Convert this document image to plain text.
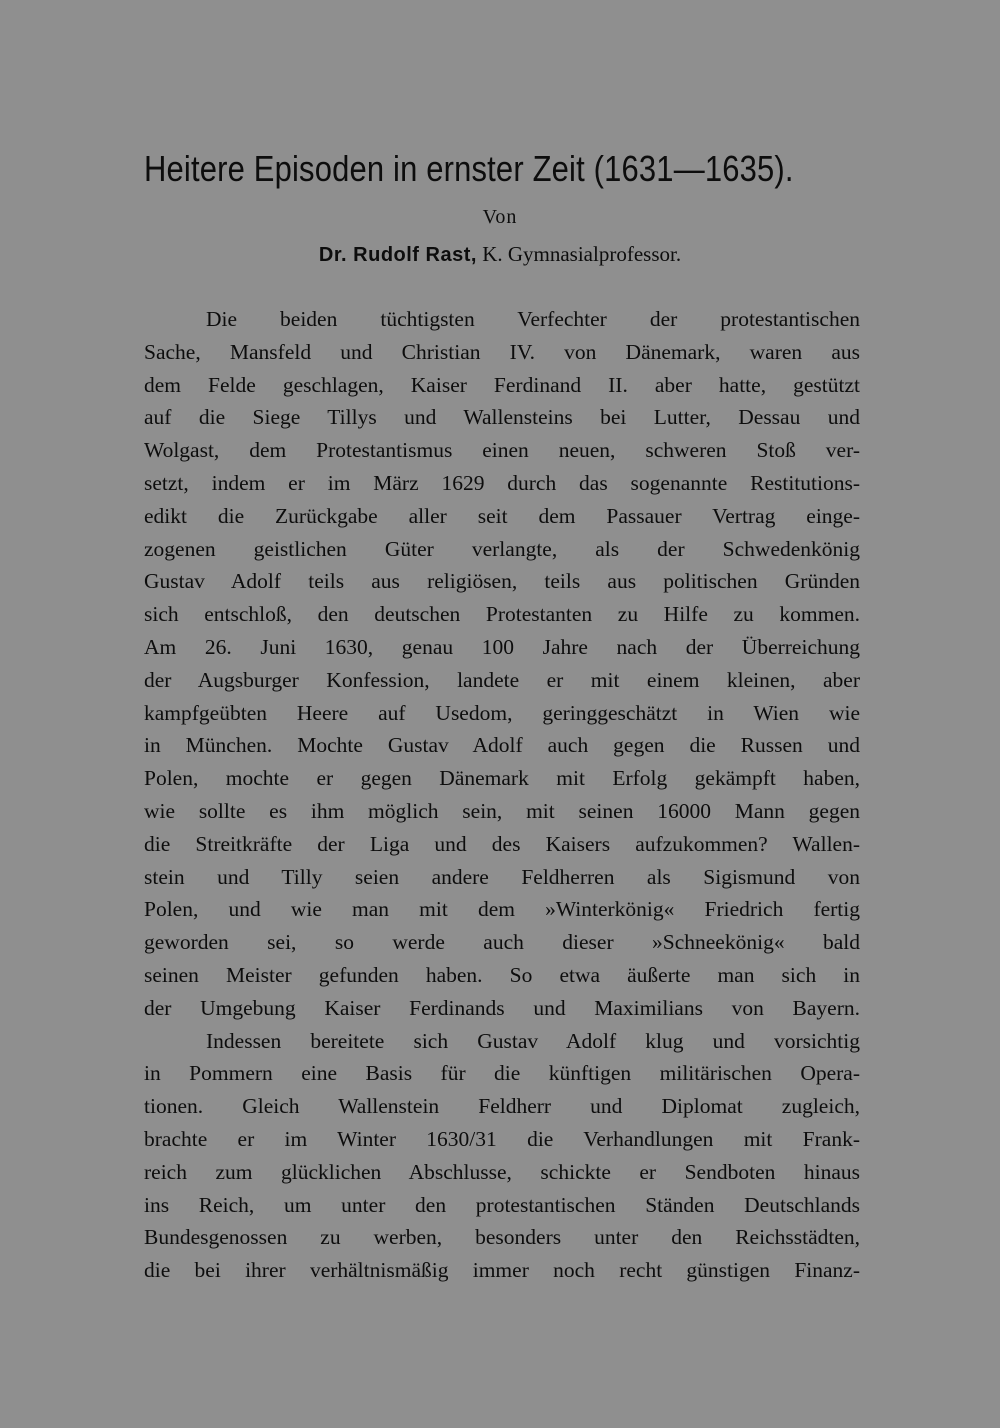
Heitere Episoden in ernster Zeit (1631—1635).
Von
Dr. Rudolf Rast, K. Gymnasialprofessor.
Die beiden tüchtigsten Verfechter der protestantischen
Sache, Mansfeld und Christian IV. von Dänemark, waren aus
dem Felde geschlagen, Kaiser Ferdinand II. aber hatte, gestützt
auf die Siege Tillys und Wallensteins bei Lutter, Dessau und
Wolgast, dem Protestantismus einen neuen, schweren Stoß ver-
setzt, indem er im März 1629 durch das sogenannte Restitutions-
edikt die Zurückgabe aller seit dem Passauer Vertrag einge-
zogenen geistlichen Güter verlangte, als der Schwedenkönig
Gustav Adolf teils aus religiösen, teils aus politischen Gründen
sich entschloß, den deutschen Protestanten zu Hilfe zu kommen.
Am 26. Juni 1630, genau 100 Jahre nach der Überreichung
der Augsburger Konfession, landete er mit einem kleinen, aber
kampfgeübten Heere auf Usedom, geringgeschätzt in Wien wie
in München. Mochte Gustav Adolf auch gegen die Russen und
Polen, mochte er gegen Dänemark mit Erfolg gekämpft haben,
wie sollte es ihm möglich sein, mit seinen 16000 Mann gegen
die Streitkräfte der Liga und des Kaisers aufzukommen? Wallen-
stein und Tilly seien andere Feldherren als Sigismund von
Polen, und wie man mit dem »Winterkönig« Friedrich fertig
geworden sei, so werde auch dieser »Schneekönig« bald
seinen Meister gefunden haben. So etwa äußerte man sich in
der Umgebung Kaiser Ferdinands und Maximilians von Bayern.
Indessen bereitete sich Gustav Adolf klug und vorsichtig
in Pommern eine Basis für die künftigen militärischen Opera-
tionen. Gleich Wallenstein Feldherr und Diplomat zugleich,
brachte er im Winter 1630/31 die Verhandlungen mit Frank-
reich zum glücklichen Abschlusse, schickte er Sendboten hinaus
ins Reich, um unter den protestantischen Ständen Deutschlands
Bundesgenossen zu werben, besonders unter den Reichsstädten,
die bei ihrer verhältnismäßig immer noch recht günstigen Finanz-
